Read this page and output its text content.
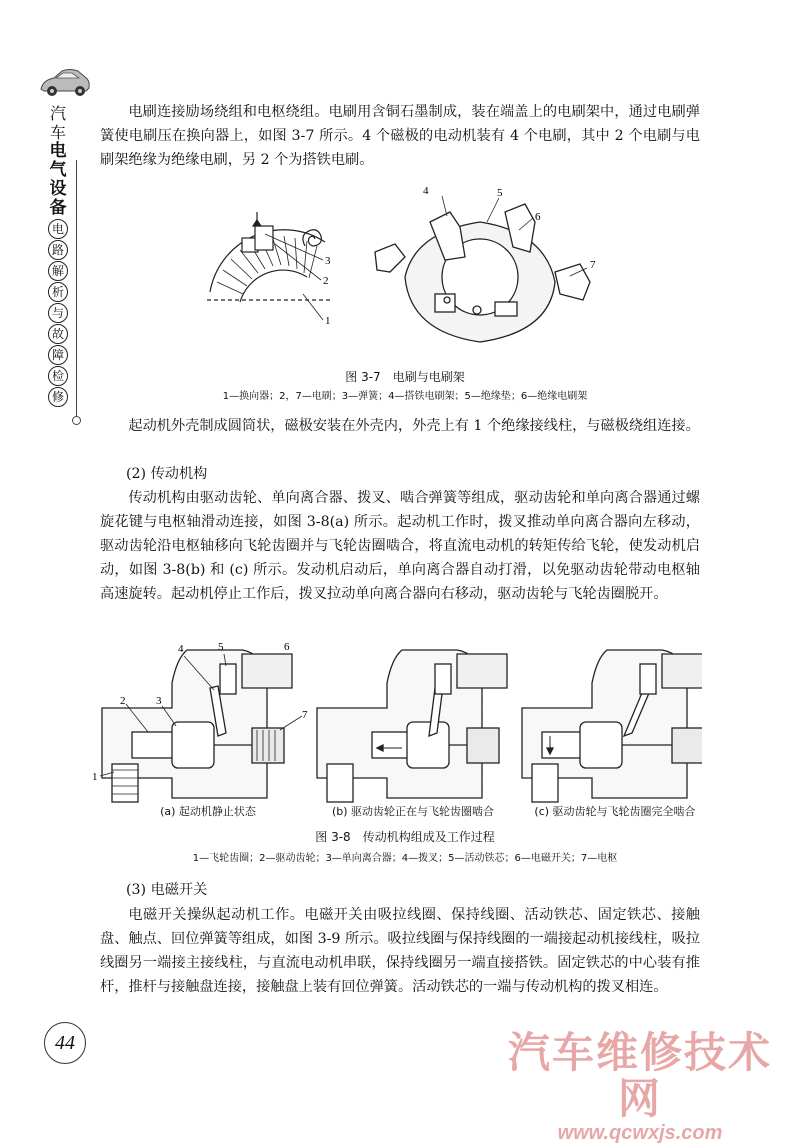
汽
车
电
气
设
备
电
路
解
析
与
故
障
检
修
电刷连接励场绕组和电枢绕组。电刷用含铜石墨制成，装在端盖上的电刷架中，通过电刷弹簧使电刷压在换向器上，如图 3-7 所示。4 个磁极的电动机装有 4 个电刷，其中 2 个电刷与电刷架绝缘为绝缘电刷，另 2 个为搭铁电刷。
3
2
1
4	5
6
7
图 3-7　电刷与电刷架
1—换向器；2，7—电刷；3—弹簧；4—搭铁电刷架；5—绝缘垫；6—绝缘电刷架
起动机外壳制成圆筒状，磁极安装在外壳内，外壳上有 1 个绝缘接线柱，与磁极绕组连接。
(2) 传动机构
传动机构由驱动齿轮、单向离合器、拨叉、啮合弹簧等组成，驱动齿轮和单向离合器通过螺旋花键与电枢轴滑动连接，如图 3-8(a) 所示。起动机工作时，拨叉推动单向离合器向左移动，驱动齿轮沿电枢轴移向飞轮齿圈并与飞轮齿圈啮合，将直流电动机的转矩传给飞轮，使发动机启动，如图 3-8(b) 和 (c) 所示。发动机启动后，单向离合器自动打滑，以免驱动齿轮带动电枢轴高速旋转。起动机停止工作后，拨叉拉动单向离合器向右移动，驱动齿轮与飞轮齿圈脱开。
1
2	3
4	5	6
7
(a) 起动机静止状态	(b) 驱动齿轮正在与飞轮齿圈啮合	(c) 驱动齿轮与飞轮齿圈完全啮合
图 3-8　传动机构组成及工作过程
1—飞轮齿圈；2—驱动齿轮；3—单向离合器；4—拨叉；5—活动铁芯；6—电磁开关；7—电枢
(3) 电磁开关
电磁开关操纵起动机工作。电磁开关由吸拉线圈、保持线圈、活动铁芯、固定铁芯、接触盘、触点、回位弹簧等组成，如图 3-9 所示。吸拉线圈与保持线圈的一端接起动机接线柱，吸拉线圈另一端接主接线柱，与直流电动机串联，保持线圈另一端直接搭铁。固定铁芯的中心装有推杆，推杆与接触盘连接，接触盘上装有回位弹簧。活动铁芯的一端与传动机构的拨叉相连。
44	汽车维修技术网
www.qcwxjs.com
